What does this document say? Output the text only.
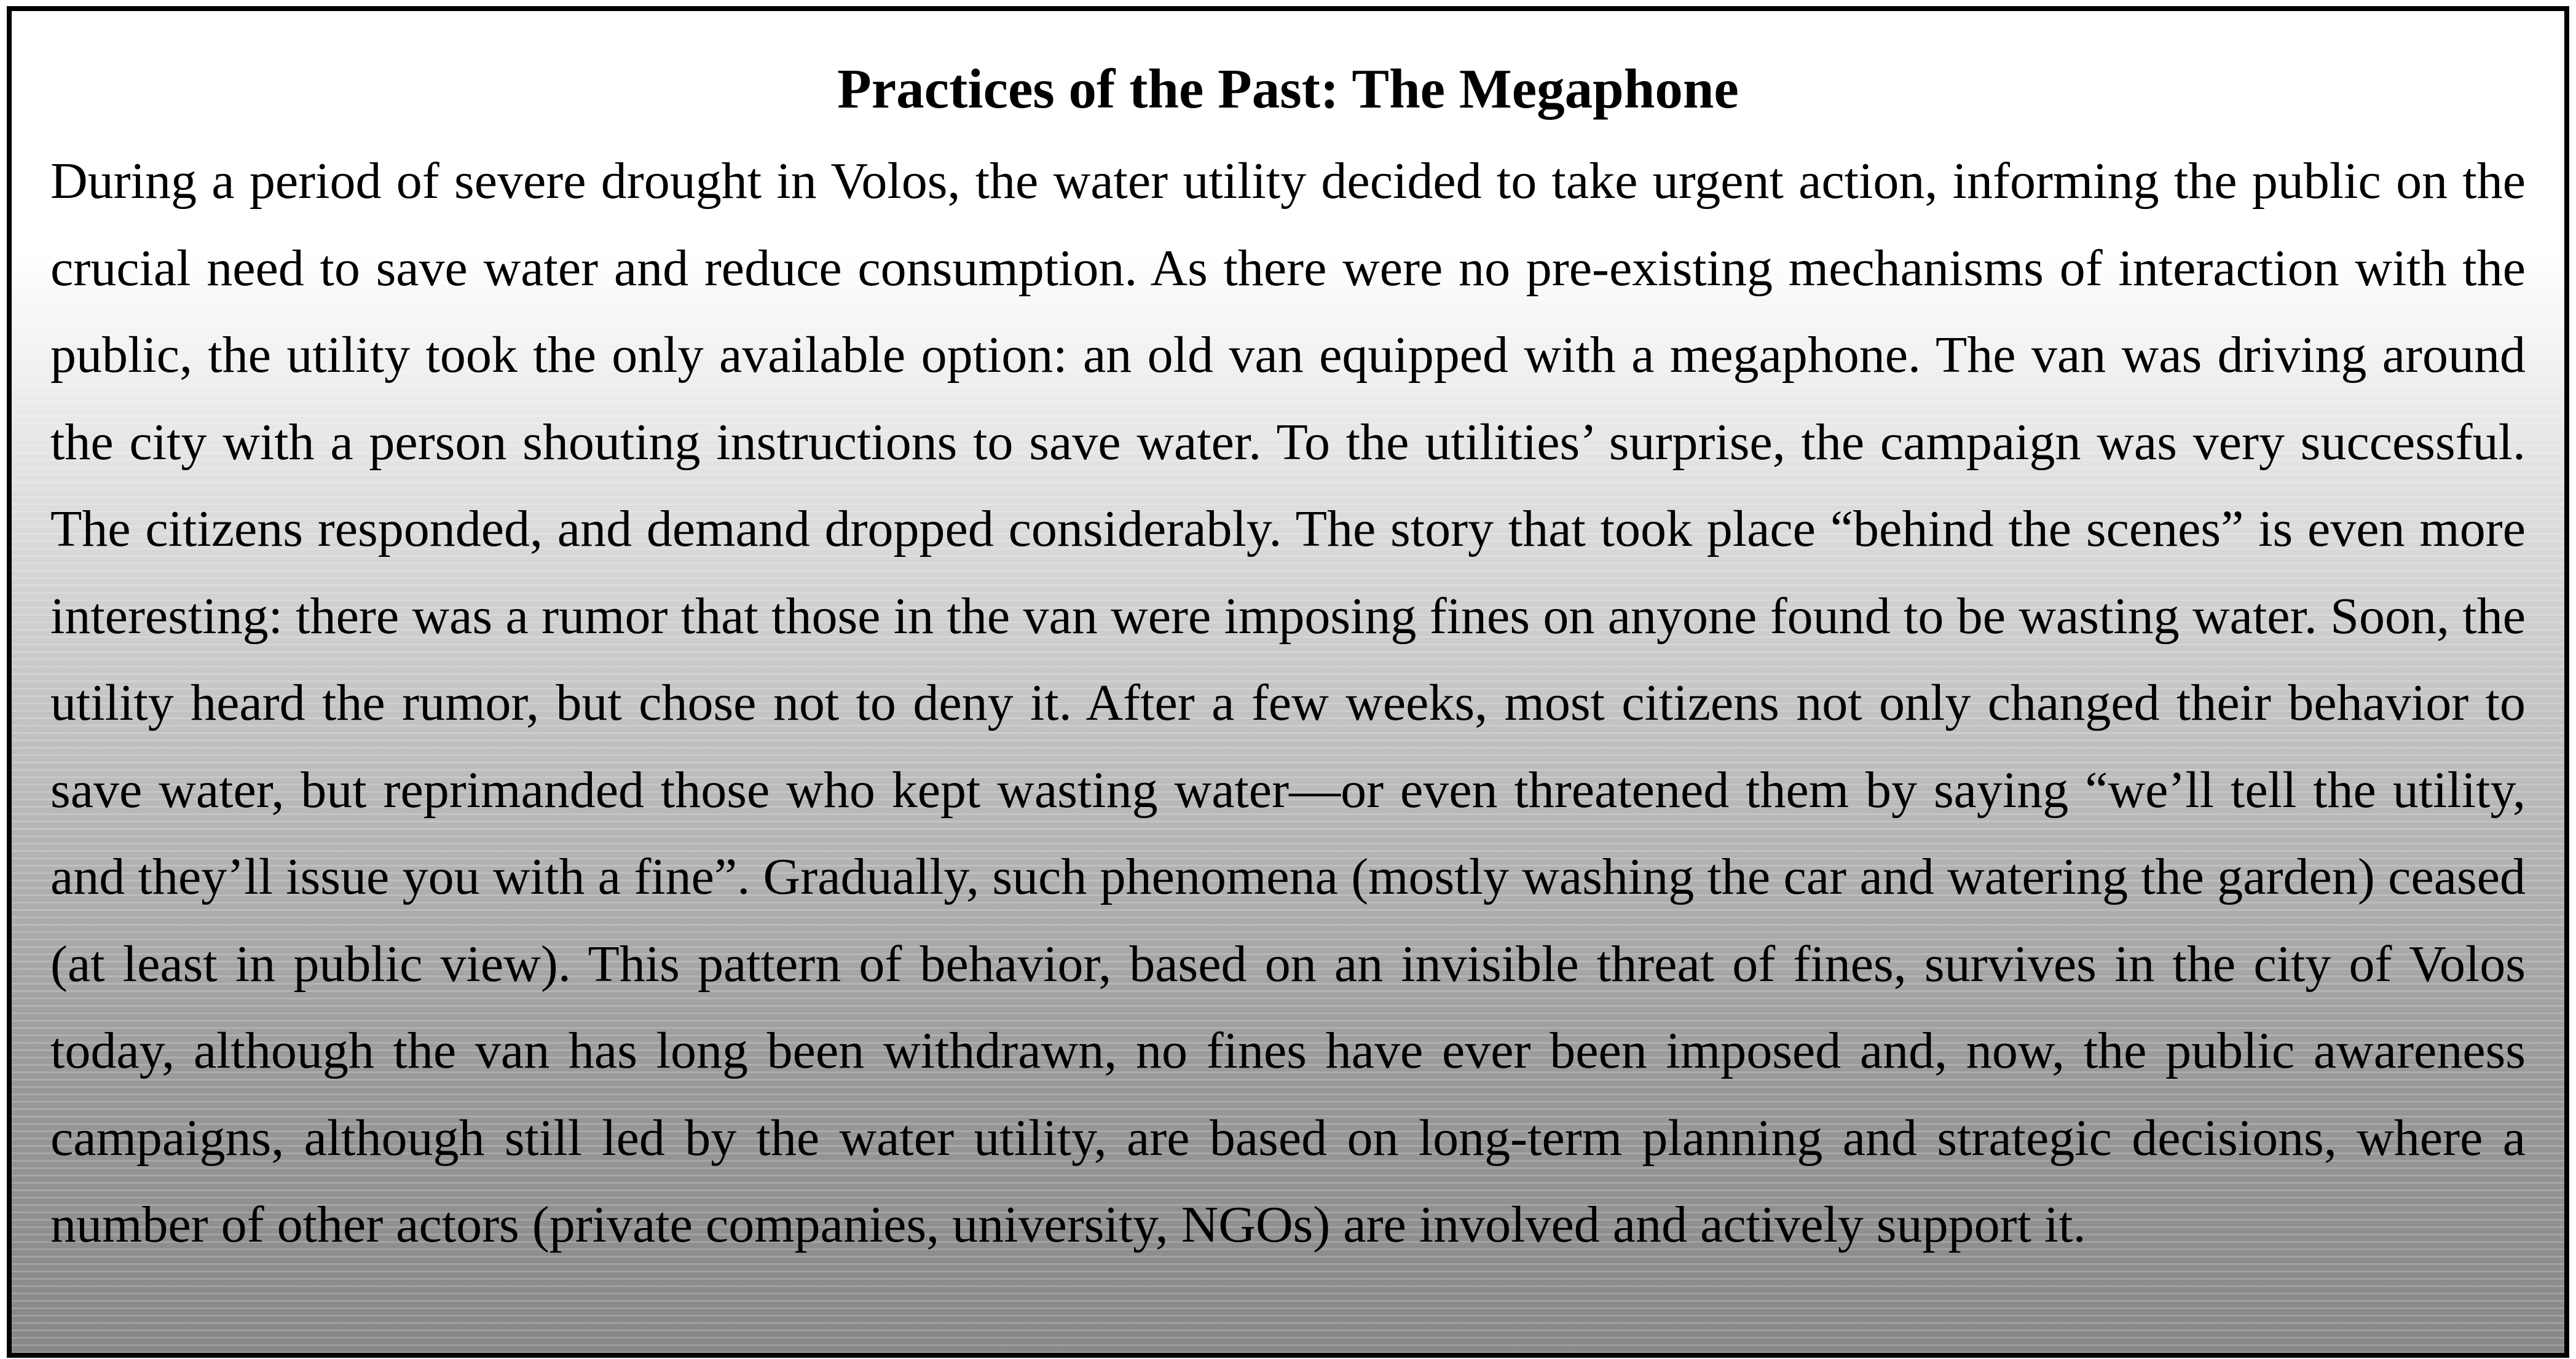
Practices of the Past: The Megaphone

During a period of severe drought in Volos, the water utility decided to take urgent action, informing the public on the crucial need to save water and reduce consumption. As there were no pre-existing mechanisms of interaction with the public, the utility took the only available option: an old van equipped with a megaphone. The van was driving around the city with a person shouting instructions to save water. To the utilities’ surprise, the campaign was very successful. The citizens responded, and demand dropped considerably. The story that took place “behind the scenes” is even more interesting: there was a rumor that those in the van were imposing fines on anyone found to be wasting water. Soon, the utility heard the rumor, but chose not to deny it. After a few weeks, most citizens not only changed their behavior to save water, but reprimanded those who kept wasting water—or even threatened them by saying “we’ll tell the utility, and they’ll issue you with a fine”. Gradually, such phenomena (mostly washing the car and watering the garden) ceased (at least in public view). This pattern of behavior, based on an invisible threat of fines, survives in the city of Volos today, although the van has long been withdrawn, no fines have ever been imposed and, now, the public awareness campaigns, although still led by the water utility, are based on long-term planning and strategic decisions, where a number of other actors (private companies, university, NGOs) are involved and actively support it.
